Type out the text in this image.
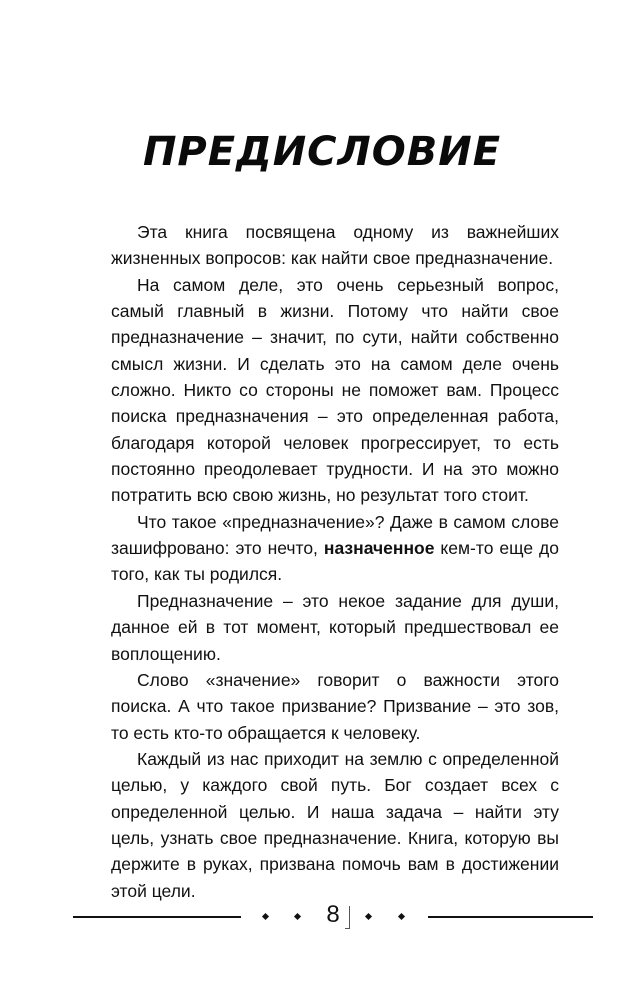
ПРЕДИСЛОВИЕ

Эта книга посвящена одному из важнейших жизненных вопросов: как найти свое предназначение.

На самом деле, это очень серьезный вопрос, самый главный в жизни. Потому что найти свое предназначение – значит, по сути, найти собственно смысл жизни. И сделать это на самом деле очень сложно. Никто со стороны не поможет вам. Процесс поиска предназначения – это определенная работа, благодаря которой человек прогрессирует, то есть постоянно преодолевает трудности. И на это можно потратить всю свою жизнь, но результат того стоит.

Что такое «предназначение»? Даже в самом слове зашифровано: это нечто, назначенное кем-то еще до того, как ты родился.

Предназначение – это некое задание для души, данное ей в тот момент, который предшествовал ее воплощению.

Слово «значение» говорит о важности этого поиска. А что такое призвание? Призвание – это зов, то есть кто-то обращается к человеку.

Каждый из нас приходит на землю с определенной целью, у каждого свой путь. Бог создает всех с определенной целью. И наша задача – найти эту цель, узнать свое предназначение. Книга, которую вы держите в руках, призвана помочь вам в достижении этой цели.

8
